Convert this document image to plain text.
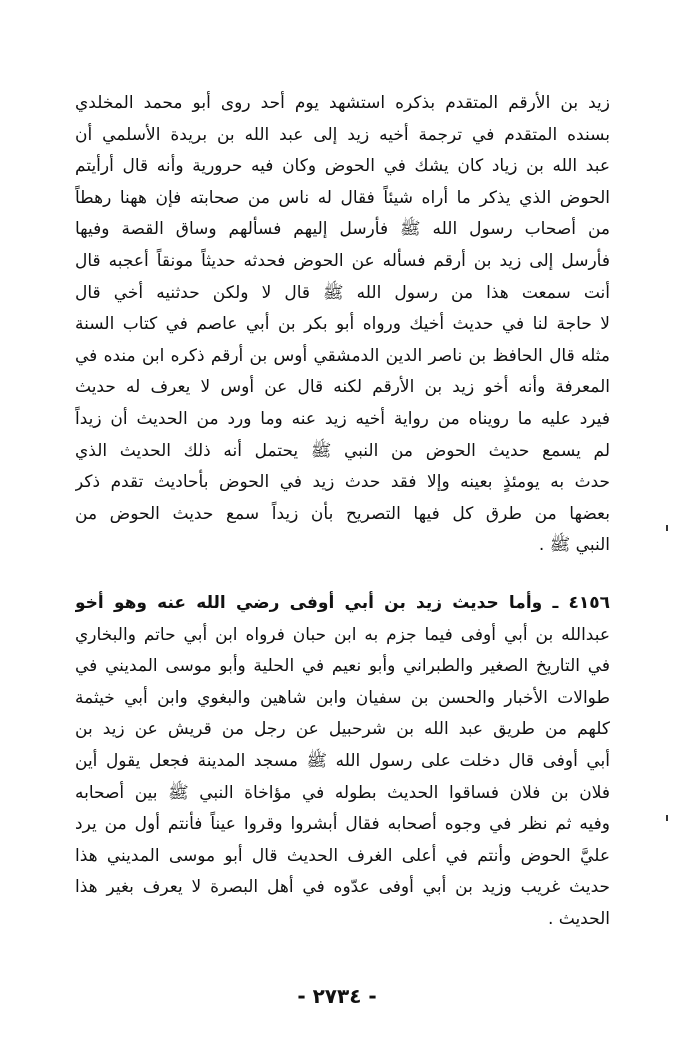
زيد بن الأرقم المتقدم بذكره استشهد يوم أحد روى أبو محمد المخلدي
بسنده المتقدم في ترجمة أخيه زيد إلى عبد الله بن بريدة الأسلمي أن
عبد الله بن زياد كان يشك في الحوض وكان فيه حرورية وأنه قال أرأيتم
الحوض الذي يذكر ما أراه شيئاً فقال له ناس من صحابته فإن ههنا رهطاً
من أصحاب رسول الله ﷺ فأرسل إليهم فسألهم وساق القصة وفيها
فأرسل إلى زيد بن أرقم فسأله عن الحوض فحدثه حديثاً مونقاً أعجبه قال
أنت سمعت هذا من رسول الله ﷺ قال لا ولكن حدثنيه أخي قال
لا حاجة لنا في حديث أخيك ورواه أبو بكر بن أبي عاصم في كتاب السنة
مثله قال الحافظ بن ناصر الدين الدمشقي أوس بن أرقم ذكره ابن منده في
المعرفة وأنه أخو زيد بن الأرقم لكنه قال عن أوس لا يعرف له حديث
فيرد عليه ما رويناه من رواية أخيه زيد عنه وما ورد من الحديث أن زيداً
لم يسمع حديث الحوض من النبي ﷺ يحتمل أنه ذلك الحديث الذي
حدث به يومئذٍ بعينه وإلا فقد حدث زيد في الحوض بأحاديث تقدم ذكر
بعضها من طرق كل فيها التصريح بأن زيداً سمع حديث الحوض من
النبي ﷺ .
٤١٥٦ ـ وأما حديث زيد بن أبي أوفى رضي الله عنه وهو أخو
عبدالله بن أبي أوفى فيما جزم به ابن حبان فرواه ابن أبي حاتم والبخاري
في التاريخ الصغير والطبراني وأبو نعيم في الحلية وأبو موسى المديني في
طوالات الأخبار والحسن بن سفيان وابن شاهين والبغوي وابن أبي خيثمة
كلهم من طريق عبد الله بن شرحبيل عن رجل من قريش عن زيد بن
أبي أوفى قال دخلت على رسول الله ﷺ مسجد المدينة فجعل يقول أين
فلان بن فلان فساقوا الحديث بطوله في مؤاخاة النبي ﷺ بين أصحابه
وفيه ثم نظر في وجوه أصحابه فقال أبشروا وقروا عيناً فأنتم أول من يرد
عليَّ الحوض وأنتم في أعلى الغرف الحديث قال أبو موسى المديني هذا
حديث غريب وزيد بن أبي أوفى عدّوه في أهل البصرة لا يعرف بغير هذا
الحديث .
- ٢٧٣٤ -
